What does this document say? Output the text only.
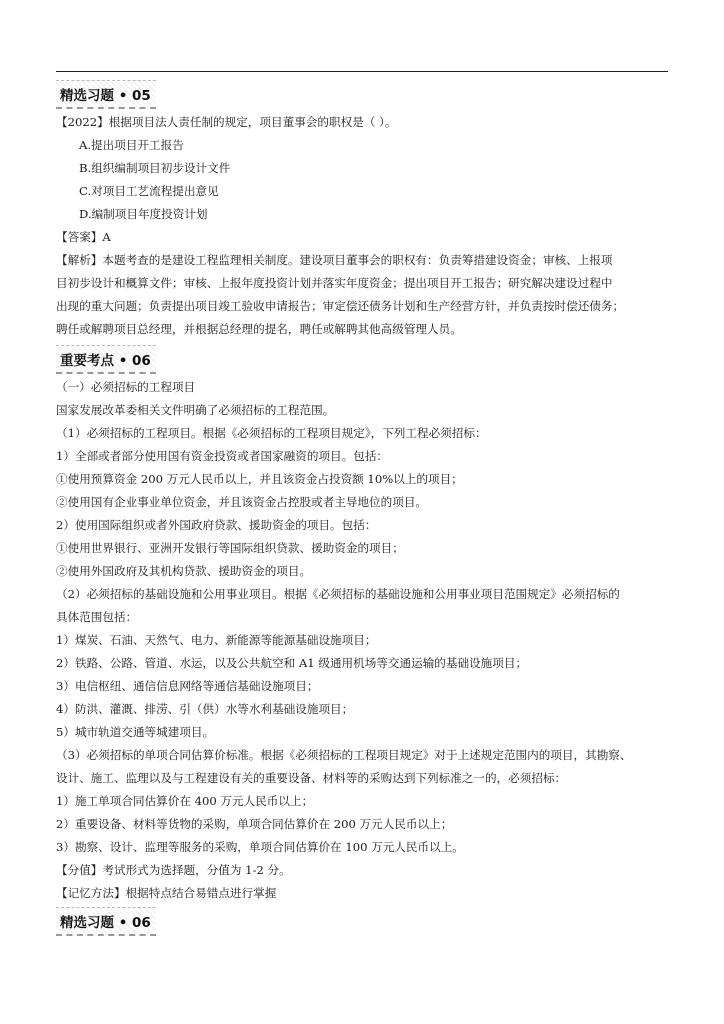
精选习题 • 05
【2022】根据项目法人责任制的规定，项目董事会的职权是（ ）。
A.提出项目开工报告
B.组织编制项目初步设计文件
C.对项目工艺流程提出意见
D.编制项目年度投资计划
【答案】A
【解析】本题考查的是建设工程监理相关制度。建设项目董事会的职权有：负责筹措建设资金；审核、上报项
目初步设计和概算文件；审核、上报年度投资计划并落实年度资金；提出项目开工报告；研究解决建设过程中
出现的重大问题；负责提出项目竣工验收申请报告；审定偿还债务计划和生产经营方针，并负责按时偿还债务；
聘任或解聘项目总经理，并根据总经理的提名，聘任或解聘其他高级管理人员。
重要考点 • 06
（一）必须招标的工程项目
国家发展改革委相关文件明确了必须招标的工程范围。
（1）必须招标的工程项目。根据《必须招标的工程项目规定》，下列工程必须招标：
1）全部或者部分使用国有资金投资或者国家融资的项目。包括：
①使用预算资金 200 万元人民币以上，并且该资金占投资额 10%以上的项目；
②使用国有企业事业单位资金，并且该资金占控股或者主导地位的项目。
2）使用国际组织或者外国政府贷款、援助资金的项目。包括：
①使用世界银行、亚洲开发银行等国际组织贷款、援助资金的项目；
②使用外国政府及其机构贷款、援助资金的项目。
（2）必须招标的基础设施和公用事业项目。根据《必须招标的基础设施和公用事业项目范围规定》必须招标的
具体范围包括：
1）煤炭、石油、天然气、电力、新能源等能源基础设施项目；
2）铁路、公路、管道、水运，以及公共航空和 A1 级通用机场等交通运输的基础设施项目；
3）电信枢纽、通信信息网络等通信基础设施项目；
4）防洪、灌溉、排涝、引（供）水等水利基础设施项目；
5）城市轨道交通等城建项目。
（3）必须招标的单项合同估算价标准。根据《必须招标的工程项目规定》对于上述规定范围内的项目，其勘察、
设计、施工、监理以及与工程建设有关的重要设备、材料等的采购达到下列标准之一的，必须招标：
1）施工单项合同估算价在 400 万元人民币以上；
2）重要设备、材料等货物的采购，单项合同估算价在 200 万元人民币以上；
3）勘察、设计、监理等服务的采购，单项合同估算价在 100 万元人民币以上。
【分值】考试形式为选择题，分值为 1-2 分。
【记忆方法】根据特点结合易错点进行掌握
精选习题 • 06
